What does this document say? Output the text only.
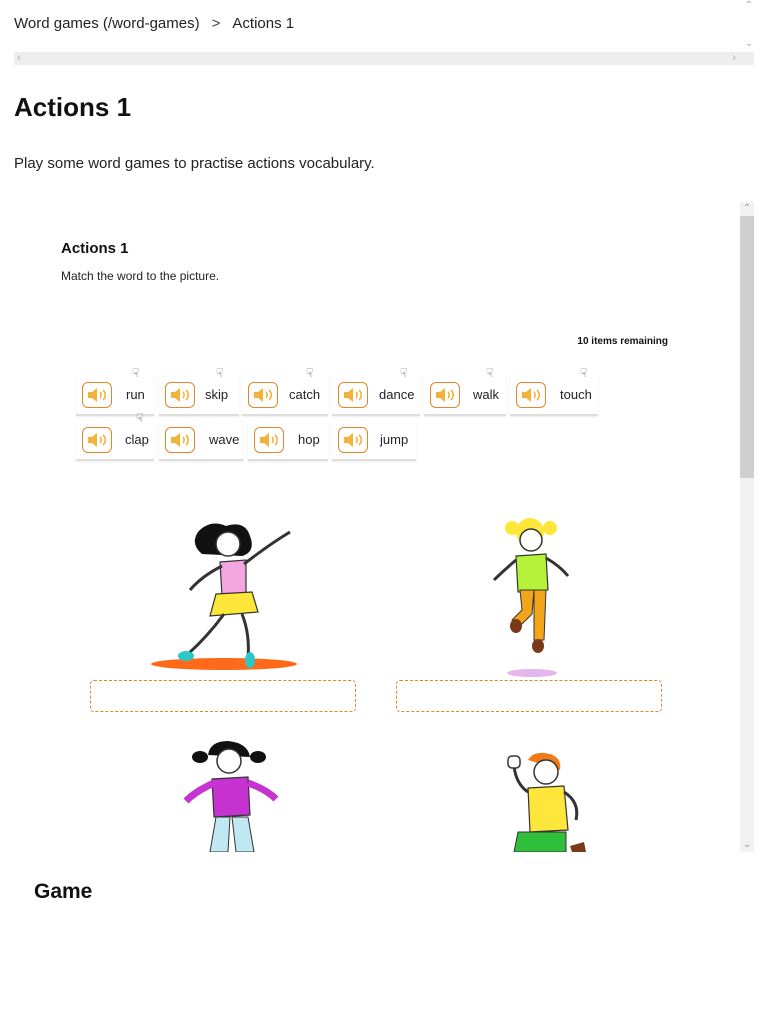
Word games (/word-games) > Actions 1
⌃
⌄
‹	›
Actions 1

Play some word games to practise actions vocabulary.

Actions 1

Match the word to the picture.

10 items remaining
run
☟
skip
☟
catch
☟
dance
☟
walk
☟
touch
☟
clap
☟
wave	hop	jump
⌃
⌄
Game
